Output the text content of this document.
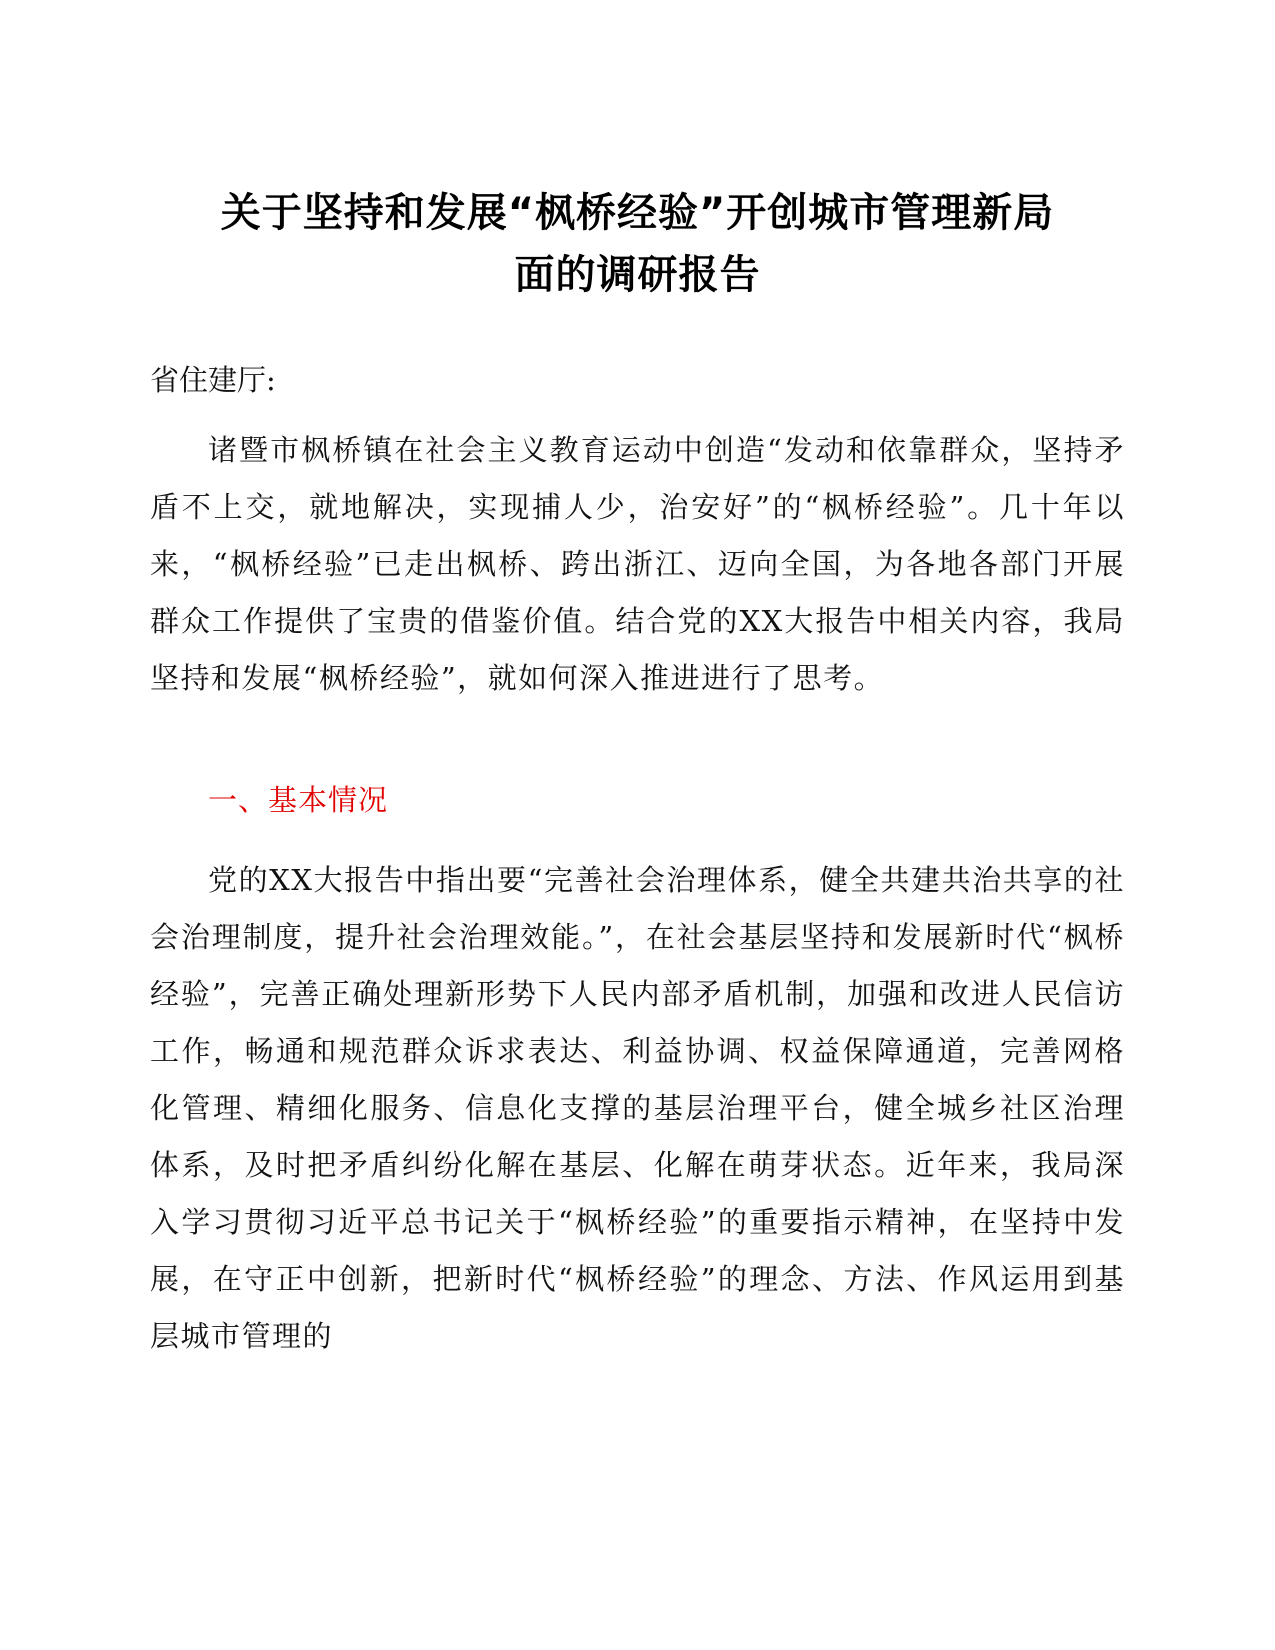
关于坚持和发展“枫桥经验”开创城市管理新局
面的调研报告
省住建厅:

诸暨市枫桥镇在社会主义教育运动中创造“发动和依靠群众，坚持矛盾不上交，就地解决，实现捕人少，治安好”的“枫桥经验”。几十年以来，“枫桥经验”已走出枫桥、跨出浙江、迈向全国，为各地各部门开展群众工作提供了宝贵的借鉴价值。结合党的XX大报告中相关内容，我局坚持和发展“枫桥经验”，就如何深入推进进行了思考。

一、基本情况

党的XX大报告中指出要“完善社会治理体系，健全共建共治共享的社会治理制度，提升社会治理效能。”，在社会基层坚持和发展新时代“枫桥经验”，完善正确处理新形势下人民内部矛盾机制，加强和改进人民信访工作，畅通和规范群众诉求表达、利益协调、权益保障通道，完善网格化管理、精细化服务、信息化支撑的基层治理平台，健全城乡社区治理体系，及时把矛盾纠纷化解在基层、化解在萌芽状态。近年来，我局深入学习贯彻习近平总书记关于“枫桥经验”的重要指示精神，在坚持中发展，在守正中创新，把新时代“枫桥经验”的理念、方法、作风运用到基层城市管理的
